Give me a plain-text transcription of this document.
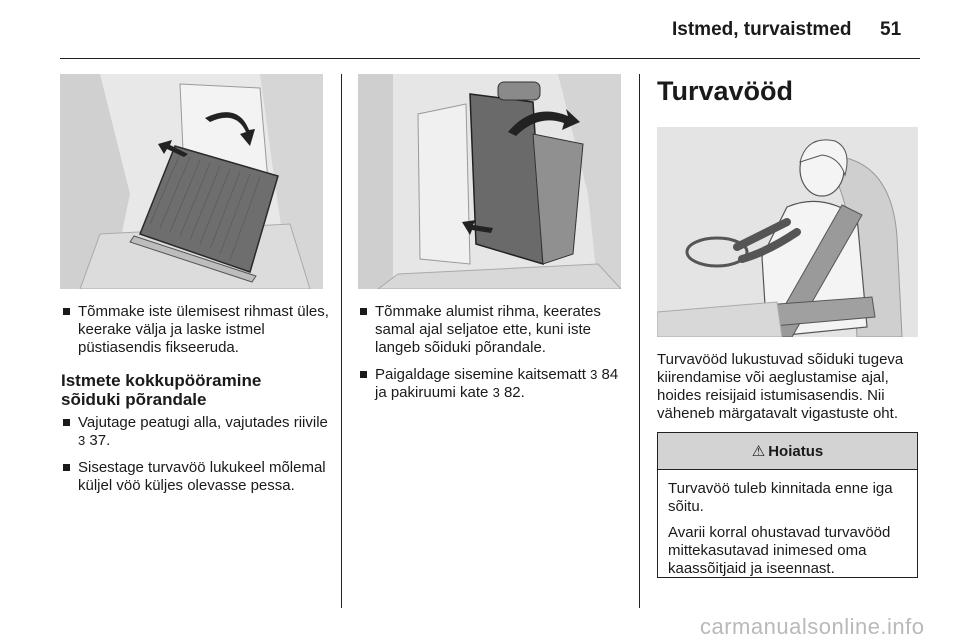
Istmed, turvaistmed 51
Tõmmake iste ülemisest rihmast üles, keerake välja ja laske istmel püstiasendis fikseeruda.
Istmete kokkupööramine sõiduki põrandale
Vajutage peatugi alla, vajutades riivile 3 37.
Sisestage turvavöö lukukeel mõlemal küljel vöö küljes olevasse pessa.
Tõmmake alumist rihma, keerates samal ajal seljatoe ette, kuni iste langeb sõiduki põrandale.
Paigaldage sisemine kaitsematt 3 84 ja pakiruumi kate 3 82.
Turvavööd
Turvavööd lukustuvad sõiduki tugeva kiirendamise või aeglustamise ajal, hoides reisijaid istumisasendis. Nii väheneb märgatavalt vigastuste oht.
⚠ Hoiatus

Turvavöö tuleb kinnitada enne iga sõitu.

Avarii korral ohustavad turvavööd mittekasutavad inimesed oma kaassõitjaid ja iseennast.

carmanualsonline.info
